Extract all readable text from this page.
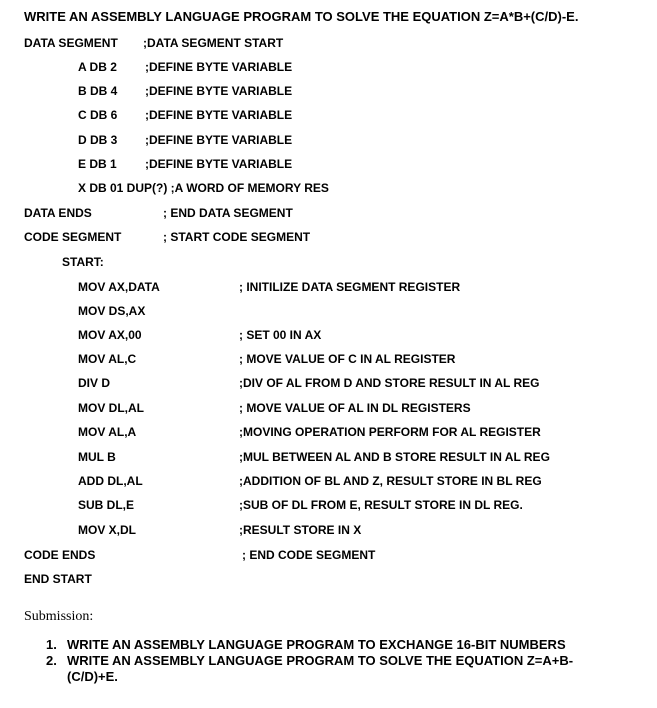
WRITE AN ASSEMBLY LANGUAGE PROGRAM TO SOLVE THE EQUATION Z=A*B+(C/D)-E.
DATA SEGMENT ;DATA SEGMENT START
A DB 2 ;DEFINE BYTE VARIABLE
B DB 4 ;DEFINE BYTE VARIABLE
C DB 6 ;DEFINE BYTE VARIABLE
D DB 3 ;DEFINE BYTE VARIABLE
E DB 1 ;DEFINE BYTE VARIABLE
X DB 01 DUP(?) ;A WORD OF MEMORY RES
DATA ENDS	; END DATA SEGMENT
CODE SEGMENT	; START CODE SEGMENT
START:
MOV AX,DATA	; INITILIZE DATA SEGMENT REGISTER
MOV DS,AX
MOV AX,00	; SET 00 IN AX
MOV AL,C	; MOVE VALUE OF C IN AL REGISTER
DIV D	;DIV OF AL FROM D AND STORE RESULT IN AL REG
MOV DL,AL	; MOVE VALUE OF AL IN DL REGISTERS
MOV AL,A	;MOVING OPERATION PERFORM FOR AL REGISTER
MUL B	;MUL BETWEEN AL AND B STORE RESULT IN AL REG
ADD DL,AL	;ADDITION OF BL AND Z, RESULT STORE IN BL REG
SUB DL,E	;SUB OF DL FROM E, RESULT STORE IN DL REG.
MOV X,DL	;RESULT STORE IN X
CODE ENDS	; END CODE SEGMENT
END START
Submission:
1. WRITE AN ASSEMBLY LANGUAGE PROGRAM TO EXCHANGE 16-BIT NUMBERS
2. WRITE AN ASSEMBLY LANGUAGE PROGRAM TO SOLVE THE EQUATION Z=A+B-(C/D)+E.
